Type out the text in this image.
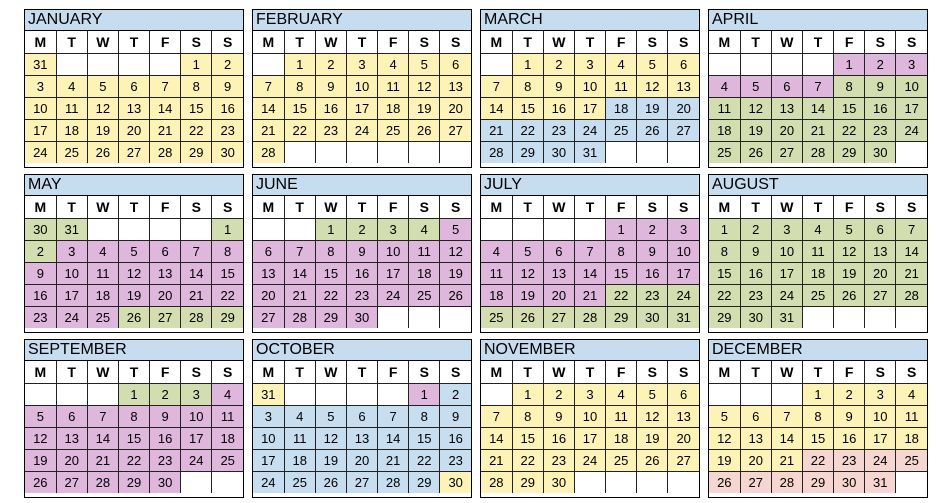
JANUARY
M	T	W	T	F	S	S
31					1	2
3	4	5	6	7	8	9
10	11	12	13	14	15	16
17	18	19	20	21	22	23
24	25	26	27	28	29	30
FEBRUARY
M	T	W	T	F	S	S
	1	2	3	4	5	6
7	8	9	10	11	12	13
14	15	16	17	18	19	20
21	22	23	24	25	26	27
28						
MARCH
M	T	W	T	F	S	S
	1	2	3	4	5	6
7	8	9	10	11	12	13
14	15	16	17	18	19	20
21	22	23	24	25	26	27
28	29	30	31			
APRIL
M	T	W	T	F	S	S
				1	2	3
4	5	6	7	8	9	10
11	12	13	14	15	16	17
18	19	20	21	22	23	24
25	26	27	28	29	30	
MAY
M	T	W	T	F	S	S
30	31					1
2	3	4	5	6	7	8
9	10	11	12	13	14	15
16	17	18	19	20	21	22
23	24	25	26	27	28	29
JUNE
M	T	W	T	F	S	S
		1	2	3	4	5
6	7	8	9	10	11	12
13	14	15	16	17	18	19
20	21	22	23	24	25	26
27	28	29	30			
JULY
M	T	W	T	F	S	S
				1	2	3
4	5	6	7	8	9	10
11	12	13	14	15	16	17
18	19	20	21	22	23	24
25	26	27	28	29	30	31
AUGUST
M	T	W	T	F	S	S
1	2	3	4	5	6	7
8	9	10	11	12	13	14
15	16	17	18	19	20	21
22	23	24	25	26	27	28
29	30	31				
SEPTEMBER
M	T	W	T	F	S	S
			1	2	3	4
5	6	7	8	9	10	11
12	13	14	15	16	17	18
19	20	21	22	23	24	25
26	27	28	29	30		
OCTOBER
M	T	W	T	F	S	S
31					1	2
3	4	5	6	7	8	9
10	11	12	13	14	15	16
17	18	19	20	21	22	23
24	25	26	27	28	29	30
NOVEMBER
M	T	W	T	F	S	S
	1	2	3	4	5	6
7	8	9	10	11	12	13
14	15	16	17	18	19	20
21	22	23	24	25	26	27
28	29	30				
DECEMBER
M	T	W	T	F	S	S
			1	2	3	4
5	6	7	8	9	10	11
12	13	14	15	16	17	18
19	20	21	22	23	24	25
26	27	28	29	30	31	
